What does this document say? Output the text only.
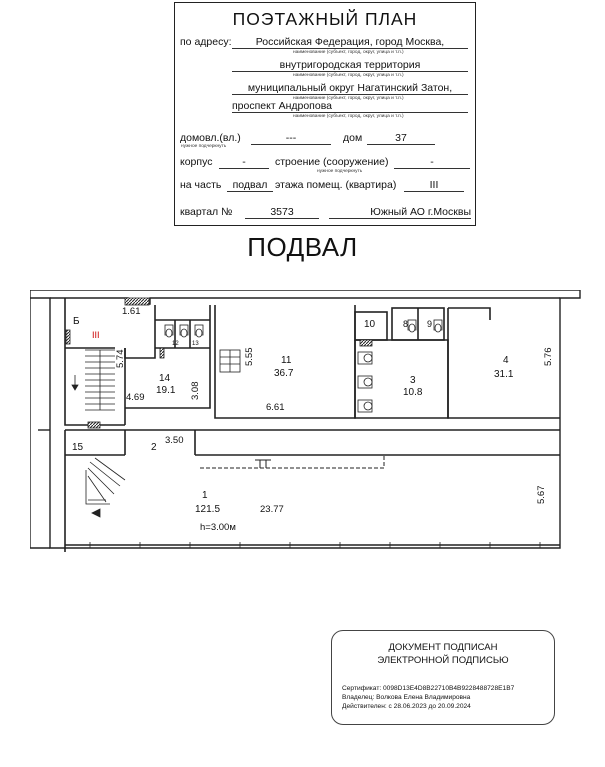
ПОЭТАЖНЫЙ ПЛАН
по адресу:	Российская Федерация, город Москва,
наименование (субъект, город, округ, улица и т.п.)
внутригородская территория
наименование (субъект, город, округ, улица и т.п.)
муниципальный округ Нагатинский Затон,
наименование (субъект, город, округ, улица и т.п.)
проспект Андропова
наименование (субъект, город, округ, улица и т.п.)
домовл.(вл.)	---	дом	37
нужное подчеркнуть
корпус	-	строение (сооружение)	-
нужное подчеркнуть
на часть	подвал этажа помещ. (квартира)	III
квартал №	3573	Южный АО г.Москвы
ПОДВАЛ
Б
III
10	8 9
12 13
11
36.7
14
19.1
3
10.8
4
31.1
15	2
1
121.5
1.61
5.74
4.69	3.08
5.55
6.61
5.76
3.50
23.77
5.67
h=3.00м
ДОКУМЕНТ ПОДПИСАН
ЭЛЕКТРОННОЙ ПОДПИСЬЮ
Сертификат: 0098D13E4D8B22710B4B9228488728E1B7
Владелец: Волкова Елена Владимировна
Действителен: с 28.06.2023 до 20.09.2024
